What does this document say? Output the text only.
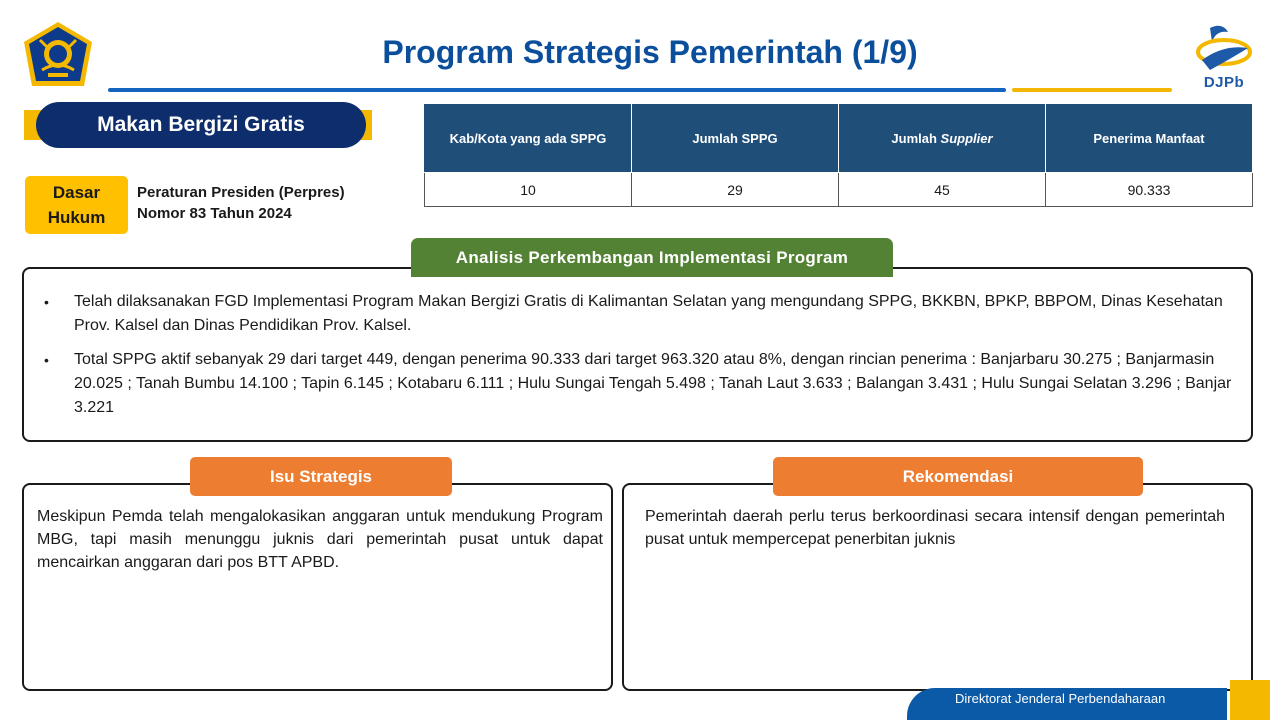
DJPb
Program Strategis Pemerintah (1/9)
Makan Bergizi Gratis
Dasar
Hukum
Peraturan Presiden (Perpres)
Nomor 83 Tahun 2024
Kab/Kota yang ada SPPG	Jumlah SPPG	Jumlah Supplier	Penerima Manfaat
10	29	45	90.333
Analisis Perkembangan Implementasi Program
• Telah dilaksanakan FGD Implementasi Program Makan Bergizi Gratis di Kalimantan Selatan yang mengundang SPPG, BKKBN, BPKP, BBPOM, Dinas Kesehatan Prov. Kalsel dan Dinas Pendidikan Prov. Kalsel.
• Total SPPG aktif sebanyak 29 dari target 449, dengan penerima 90.333 dari target 963.320 atau 8%, dengan rincian penerima : Banjarbaru 30.275 ; Banjarmasin 20.025 ; Tanah Bumbu 14.100 ; Tapin 6.145 ; Kotabaru 6.111 ; Hulu Sungai Tengah 5.498 ; Tanah Laut 3.633 ; Balangan 3.431 ; Hulu Sungai Selatan 3.296 ; Banjar 3.221
Isu Strategis
Meskipun Pemda telah mengalokasikan anggaran untuk mendukung Program MBG, tapi masih menunggu juknis dari pemerintah pusat untuk dapat mencairkan anggaran dari pos BTT APBD.
Rekomendasi
Pemerintah daerah perlu terus berkoordinasi secara intensif dengan pemerintah pusat untuk mempercepat penerbitan juknis
Direktorat Jenderal Perbendaharaan
